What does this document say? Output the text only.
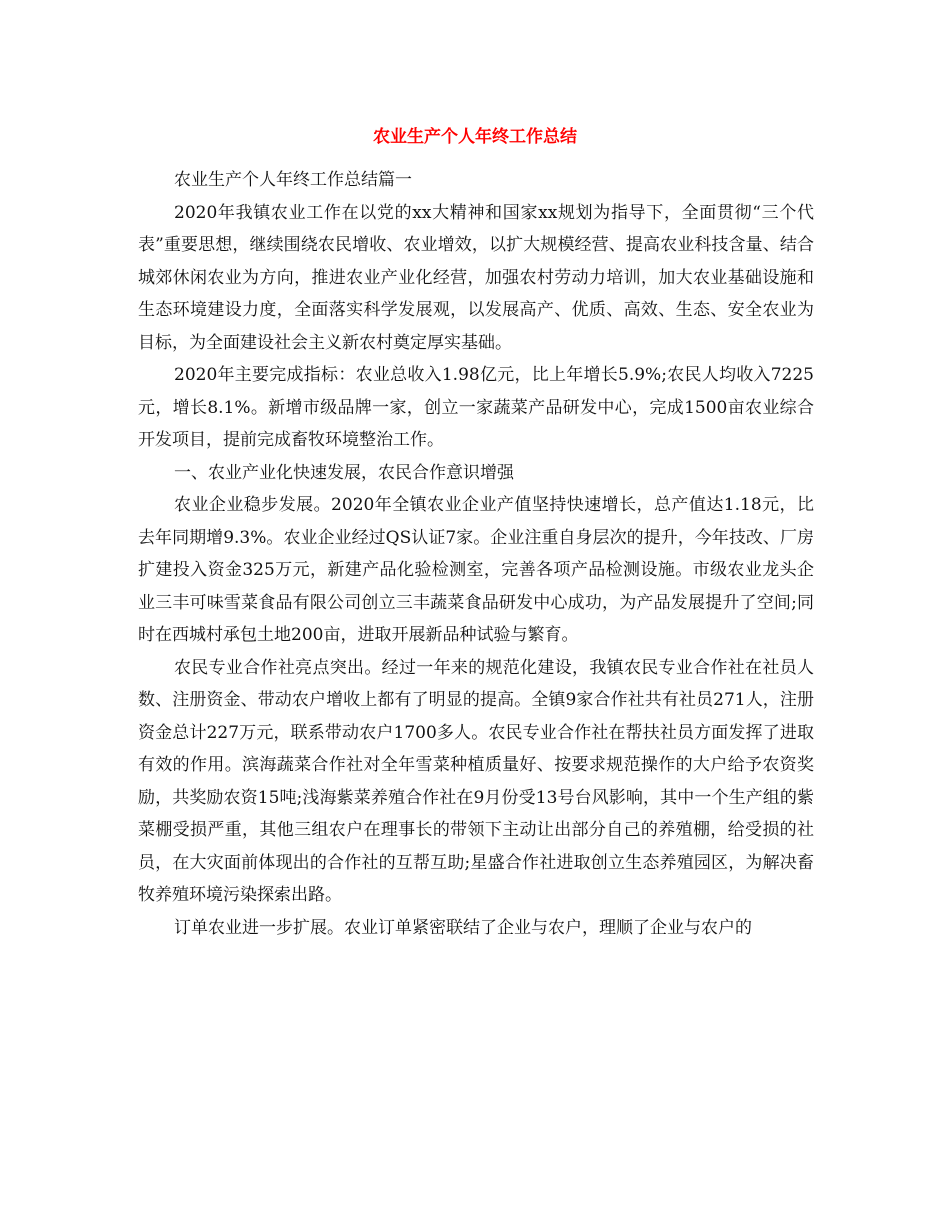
农业生产个人年终工作总结

农业生产个人年终工作总结篇一

2020年我镇农业工作在以党的xx大精神和国家xx规划为指导下，全面贯彻“三个代表”重要思想，继续围绕农民增收、农业增效，以扩大规模经营、提高农业科技含量、结合城郊休闲农业为方向，推进农业产业化经营，加强农村劳动力培训，加大农业基础设施和生态环境建设力度，全面落实科学发展观，以发展高产、优质、高效、生态、安全农业为目标，为全面建设社会主义新农村奠定厚实基础。

2020年主要完成指标：农业总收入1.98亿元，比上年增长5.9%;农民人均收入7225元，增长8.1%。新增市级品牌一家，创立一家蔬菜产品研发中心，完成1500亩农业综合开发项目，提前完成畜牧环境整治工作。

一、农业产业化快速发展，农民合作意识增强

农业企业稳步发展。2020年全镇农业企业产值坚持快速增长，总产值达1.18元，比去年同期增9.3%。农业企业经过QS认证7家。企业注重自身层次的提升，今年技改、厂房扩建投入资金325万元，新建产品化验检测室，完善各项产品检测设施。市级农业龙头企业三丰可味雪菜食品有限公司创立三丰蔬菜食品研发中心成功，为产品发展提升了空间;同时在西城村承包土地200亩，进取开展新品种试验与繁育。

农民专业合作社亮点突出。经过一年来的规范化建设，我镇农民专业合作社在社员人数、注册资金、带动农户增收上都有了明显的提高。全镇9家合作社共有社员271人，注册资金总计227万元，联系带动农户1700多人。农民专业合作社在帮扶社员方面发挥了进取有效的作用。滨海蔬菜合作社对全年雪菜种植质量好、按要求规范操作的大户给予农资奖励，共奖励农资15吨;浅海紫菜养殖合作社在9月份受13号台风影响，其中一个生产组的紫菜棚受损严重，其他三组农户在理事长的带领下主动让出部分自己的养殖棚，给受损的社员，在大灾面前体现出的合作社的互帮互助;星盛合作社进取创立生态养殖园区，为解决畜牧养殖环境污染探索出路。

订单农业进一步扩展。农业订单紧密联结了企业与农户，理顺了企业与农户的
